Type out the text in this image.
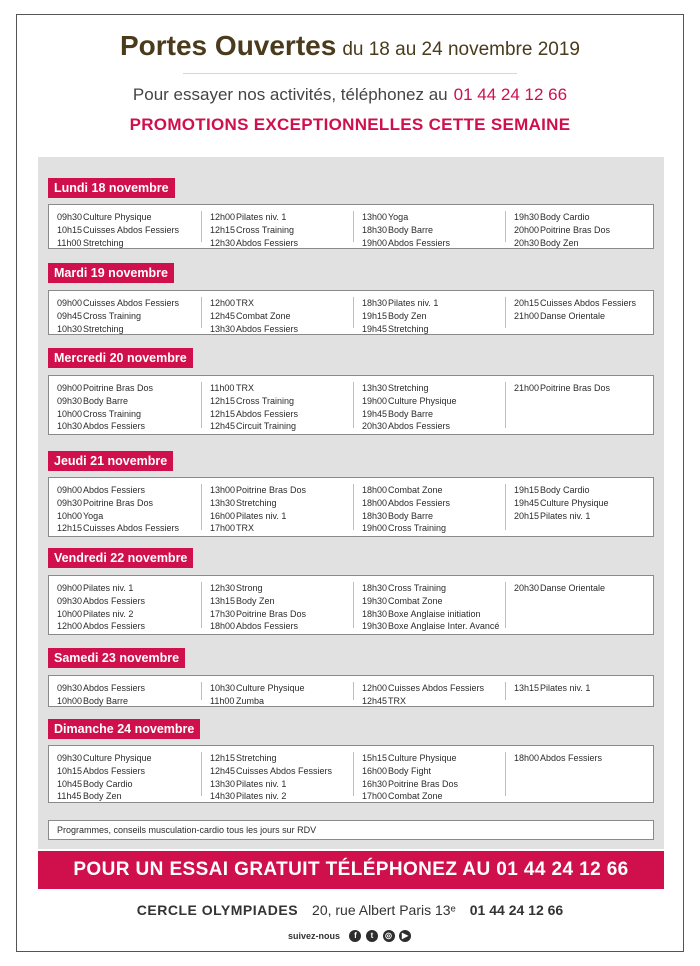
Portes Ouvertes du 18 au 24 novembre 2019
Pour essayer nos activités, téléphonez au 01 44 24 12 66
PROMOTIONS EXCEPTIONNELLES CETTE SEMAINE
Programmes, conseils musculation-cardio tous les jours sur RDV
Lundi 18 novembre
09h30Culture Physique
10h15Cuisses Abdos Fessiers
11h00 Stretching
12h00Pilates niv. 1
12h15Cross Training
12h30Abdos Fessiers
13h00Yoga
18h30Body Barre
19h00Abdos Fessiers
19h30Body Cardio
20h00Poitrine Bras Dos
20h30Body Zen
Mardi 19 novembre
09h00Cuisses Abdos Fessiers
09h45Cross Training
10h30Stretching
12h00TRX
12h45Combat Zone
13h30Abdos Fessiers
18h30Pilates niv. 1
19h15Body Zen
19h45Stretching
20h15Cuisses Abdos Fessiers
21h00Danse Orientale
Mercredi 20 novembre
09h00Poitrine Bras Dos
09h30Body Barre
10h00Cross Training
10h30Abdos Fessiers
11h00 TRX
12h15Cross Training
12h15Abdos Fessiers
12h45Circuit Training
13h30Stretching
19h00Culture Physique
19h45Body Barre
20h30Abdos Fessiers
21h00Poitrine Bras Dos
Jeudi 21 novembre
09h00Abdos Fessiers
09h30Poitrine Bras Dos
10h00Yoga
12h15Cuisses Abdos Fessiers
13h00Poitrine Bras Dos
13h30Stretching
16h00Pilates niv. 1
17h00TRX
18h00Combat Zone
18h00Abdos Fessiers
18h30Body Barre
19h00Cross Training
19h15Body Cardio
19h45Culture Physique
20h15Pilates niv. 1
Vendredi 22 novembre
09h00Pilates niv. 1
09h30Abdos Fessiers
10h00Pilates niv. 2
12h00Abdos Fessiers
12h30Strong
13h15Body Zen
17h30Poitrine Bras Dos
18h00Abdos Fessiers
18h30Cross Training
19h30Combat Zone
18h30Boxe Anglaise initiation
19h30Boxe Anglaise Inter. Avancé
20h30Danse Orientale
Samedi 23 novembre
09h30Abdos Fessiers
10h00Body Barre
10h30Culture Physique
11h00 Zumba
12h00Cuisses Abdos Fessiers
12h45TRX
13h15Pilates niv. 1
Dimanche 24 novembre
09h30Culture Physique
10h15Abdos Fessiers
10h45Body Cardio
11h45 Body Zen
12h15Stretching
12h45Cuisses Abdos Fessiers
13h30Pilates niv. 1
14h30Pilates niv. 2
15h15Culture Physique
16h00Body Fight
16h30Poitrine Bras Dos
17h00Combat Zone
18h00Abdos Fessiers
POUR UN ESSAI GRATUIT TÉLÉPHONEZ AU 01 44 24 12 66
CERCLE OLYMPIADES 20, rue Albert Paris 13ᵉ 01 44 24 12 66
suivez-nous f t ◎ ▶
